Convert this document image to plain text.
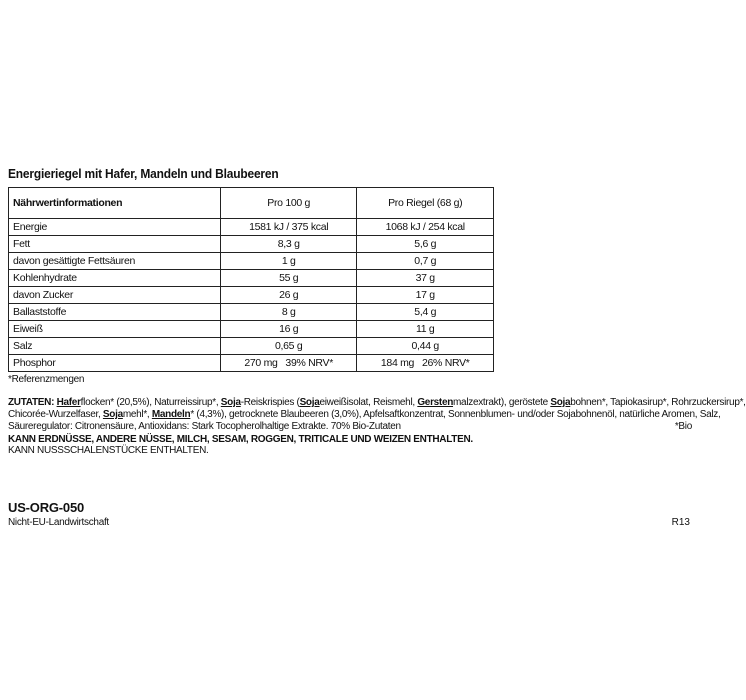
Energieriegel mit Hafer, Mandeln und Blaubeeren
Nährwertinformationen	Pro 100 g	Pro Riegel (68 g)
Energie	1581 kJ / 375 kcal	1068 kJ / 254 kcal
Fett	8,3 g	5,6 g
davon gesättigte Fettsäuren	1 g	0,7 g
Kohlenhydrate	55 g	37 g
davon Zucker	26 g	17 g
Ballaststoffe	8 g	5,4 g
Eiweiß	16 g	11 g
Salz	0,65 g	0,44 g
Phosphor	270 mg 39% NRV*	184 mg 26% NRV*
*Referenzmengen
ZUTATEN: Haferflocken* (20,5%), Naturreissirup*, Soja-Reiskrispies (Sojaeiweißisolat, Reismehl, Gerstenmalzextrakt), geröstete Sojabohnen*, Tapiokasirup*, Rohrzuckersirup*,
Chicorée-Wurzelfaser, Sojamehl*, Mandeln* (4,3%), getrocknete Blaubeeren (3,0%), Apfelsaftkonzentrat, Sonnenblumen- und/oder Sojabohnenöl, natürliche Aromen, Salz,
Säureregulator: Citronensäure, Antioxidans: Stark Tocopherolhaltige Extrakte. 70% Bio-Zutaten	*Bio
KANN ERDNÜSSE, ANDERE NÜSSE, MILCH, SESAM, ROGGEN, TRITICALE UND WEIZEN ENTHALTEN.
KANN NUSSSCHALENSTÜCKE ENTHALTEN.
US-ORG-050
Nicht-EU-Landwirtschaft	R13
